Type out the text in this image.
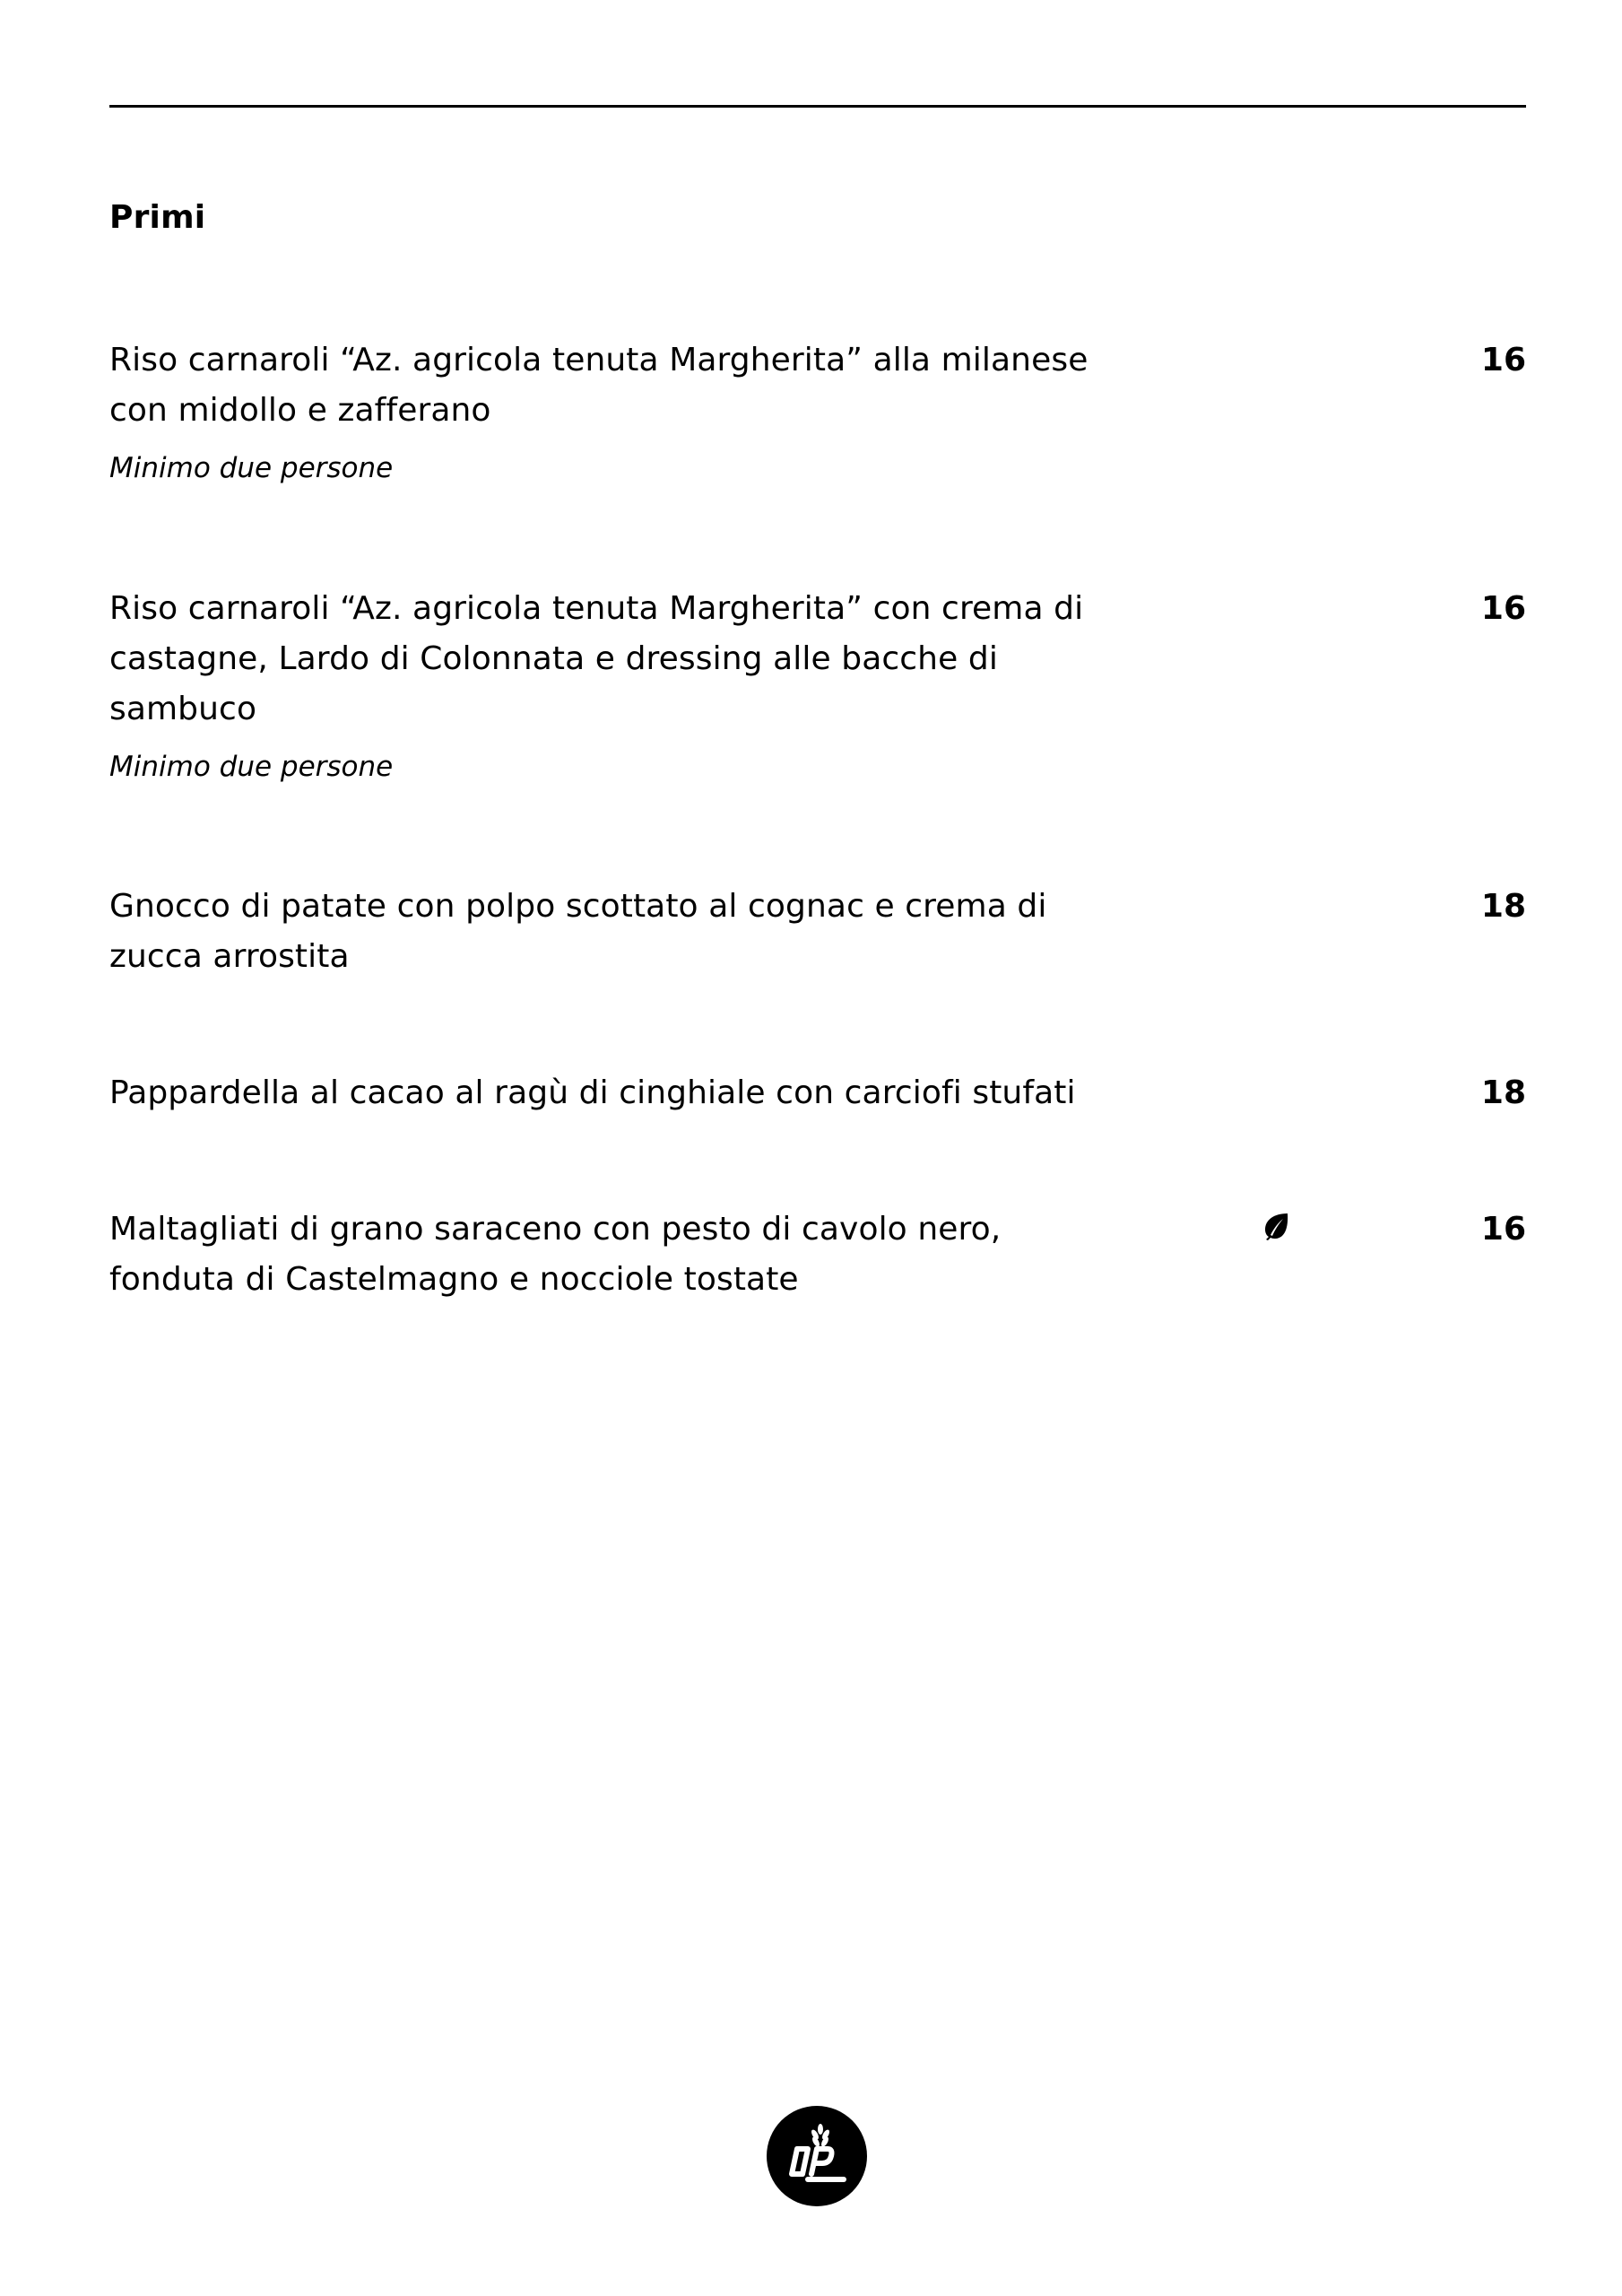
Primi
Riso carnaroli “Az. agricola tenuta Margherita” alla milanese con midollo e zafferano
Minimo due persone
16
Riso carnaroli “Az. agricola tenuta Margherita” con crema di castagne, Lardo di Colonnata e dressing alle bacche di sambuco
Minimo due persone
16
Gnocco di patate con polpo scottato al cognac e crema di zucca arrostita
18
Pappardella al cacao al ragù di cinghiale con carciofi stufati	18
Maltagliati di grano saraceno con pesto di cavolo nero, fonduta di Castelmagno e nocciole tostate
16
